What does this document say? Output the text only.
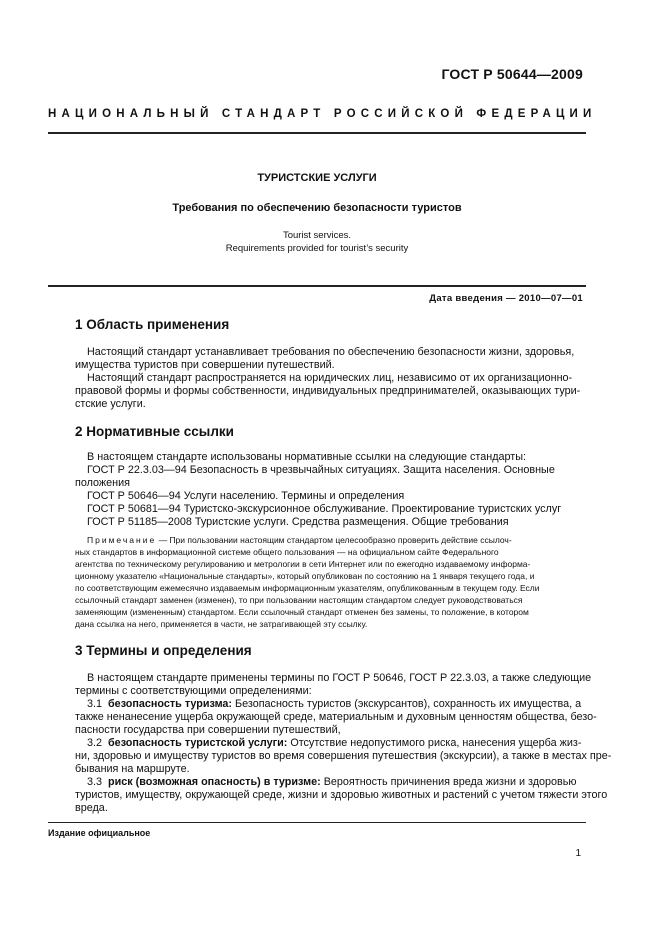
ГОСТ Р 50644—2009
НАЦИОНАЛЬНЫЙ СТАНДАРТ РОССИЙСКОЙ ФЕДЕРАЦИИ
ТУРИСТСКИЕ УСЛУГИ
Требования по обеспечению безопасности туристов
Tourist services.
Requirements provided for tourist’s security
Дата введения — 2010—07—01
1 Область применения
Настоящий стандарт устанавливает требования по обеспечению безопасности жизни, здоровья,
имущества туристов при совершении путешествий.
Настоящий стандарт распространяется на юридических лиц, независимо от их организационно-
правовой формы и формы собственности, индивидуальных предпринимателей, оказывающих тури-
стские услуги.
2 Нормативные ссылки
В настоящем стандарте использованы нормативные ссылки на следующие стандарты:
ГОСТ Р 22.3.03—94 Безопасность в чрезвычайных ситуациях. Защита населения. Основные
положения
ГОСТ Р 50646—94 Услуги населению. Термины и определения
ГОСТ Р 50681—94 Туристско-экскурсионное обслуживание. Проектирование туристских услуг
ГОСТ Р 51185—2008 Туристские услуги. Средства размещения. Общие требования
Примечание — При пользовании настоящим стандартом целесообразно проверить действие ссылоч-
ных стандартов в информационной системе общего пользования — на официальном сайте Федерального
агентства по техническому регулированию и метрологии в сети Интернет или по ежегодно издаваемому информа-
ционному указателю «Национальные стандарты», который опубликован по состоянию на 1 января текущего года, и
по соответствующим ежемесячно издаваемым информационным указателям, опубликованным в текущем году. Если
ссылочный стандарт заменен (изменен), то при пользовании настоящим стандартом следует руководствоваться
заменяющим (измененным) стандартом. Если ссылочный стандарт отменен без замены, то положение, в котором
дана ссылка на него, применяется в части, не затрагивающей эту ссылку.
3 Термины и определения
В настоящем стандарте применены термины по ГОСТ Р 50646, ГОСТ Р 22.3.03, а также следующие
термины с соответствующими определениями:
3.1 безопасность туризма: Безопасность туристов (экскурсантов), сохранность их имущества, а
также ненанесение ущерба окружающей среде, материальным и духовным ценностям общества, безо-
пасности государства при совершении путешествий,
3.2 безопасность туристской услуги: Отсутствие недопустимого риска, нанесения ущерба жиз-
ни, здоровью и имуществу туристов во время совершения путешествия (экскурсии), а также в местах пре-
бывания на маршруте.
3.3 риск (возможная опасность) в туризме: Вероятность причинения вреда жизни и здоровью
туристов, имуществу, окружающей среде, жизни и здоровью животных и растений с учетом тяжести этого
вреда.
Издание официальное
1
